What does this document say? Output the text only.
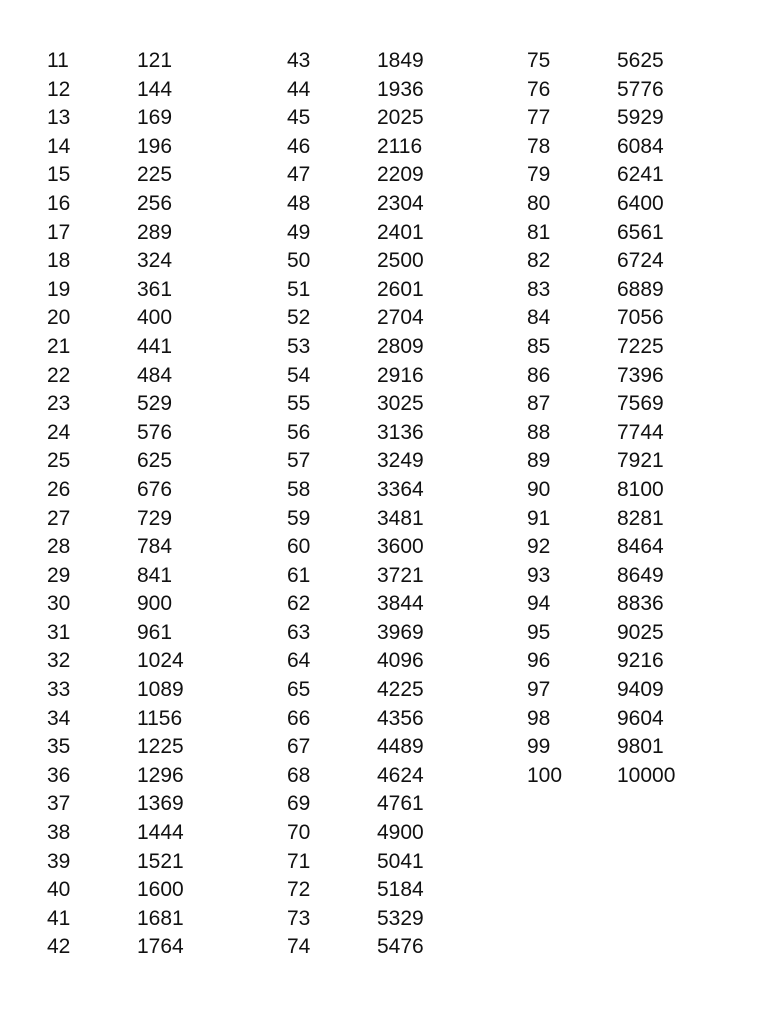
11	121
12	144
13	169
14	196
15	225
16	256
17	289
18	324
19	361
20	400
21	441
22	484
23	529
24	576
25	625
26	676
27	729
28	784
29	841
30	900
31	961
32	1024
33	1089
34	1156
35	1225
36	1296
37	1369
38	1444
39	1521
40	1600
41	1681
42	1764
43	1849
44	1936
45	2025
46	2116
47	2209
48	2304
49	2401
50	2500
51	2601
52	2704
53	2809
54	2916
55	3025
56	3136
57	3249
58	3364
59	3481
60	3600
61	3721
62	3844
63	3969
64	4096
65	4225
66	4356
67	4489
68	4624
69	4761
70	4900
71	5041
72	5184
73	5329
74	5476
75	5625
76	5776
77	5929
78	6084
79	6241
80	6400
81	6561
82	6724
83	6889
84	7056
85	7225
86	7396
87	7569
88	7744
89	7921
90	8100
91	8281
92	8464
93	8649
94	8836
95	9025
96	9216
97	9409
98	9604
99	9801
100	10000
